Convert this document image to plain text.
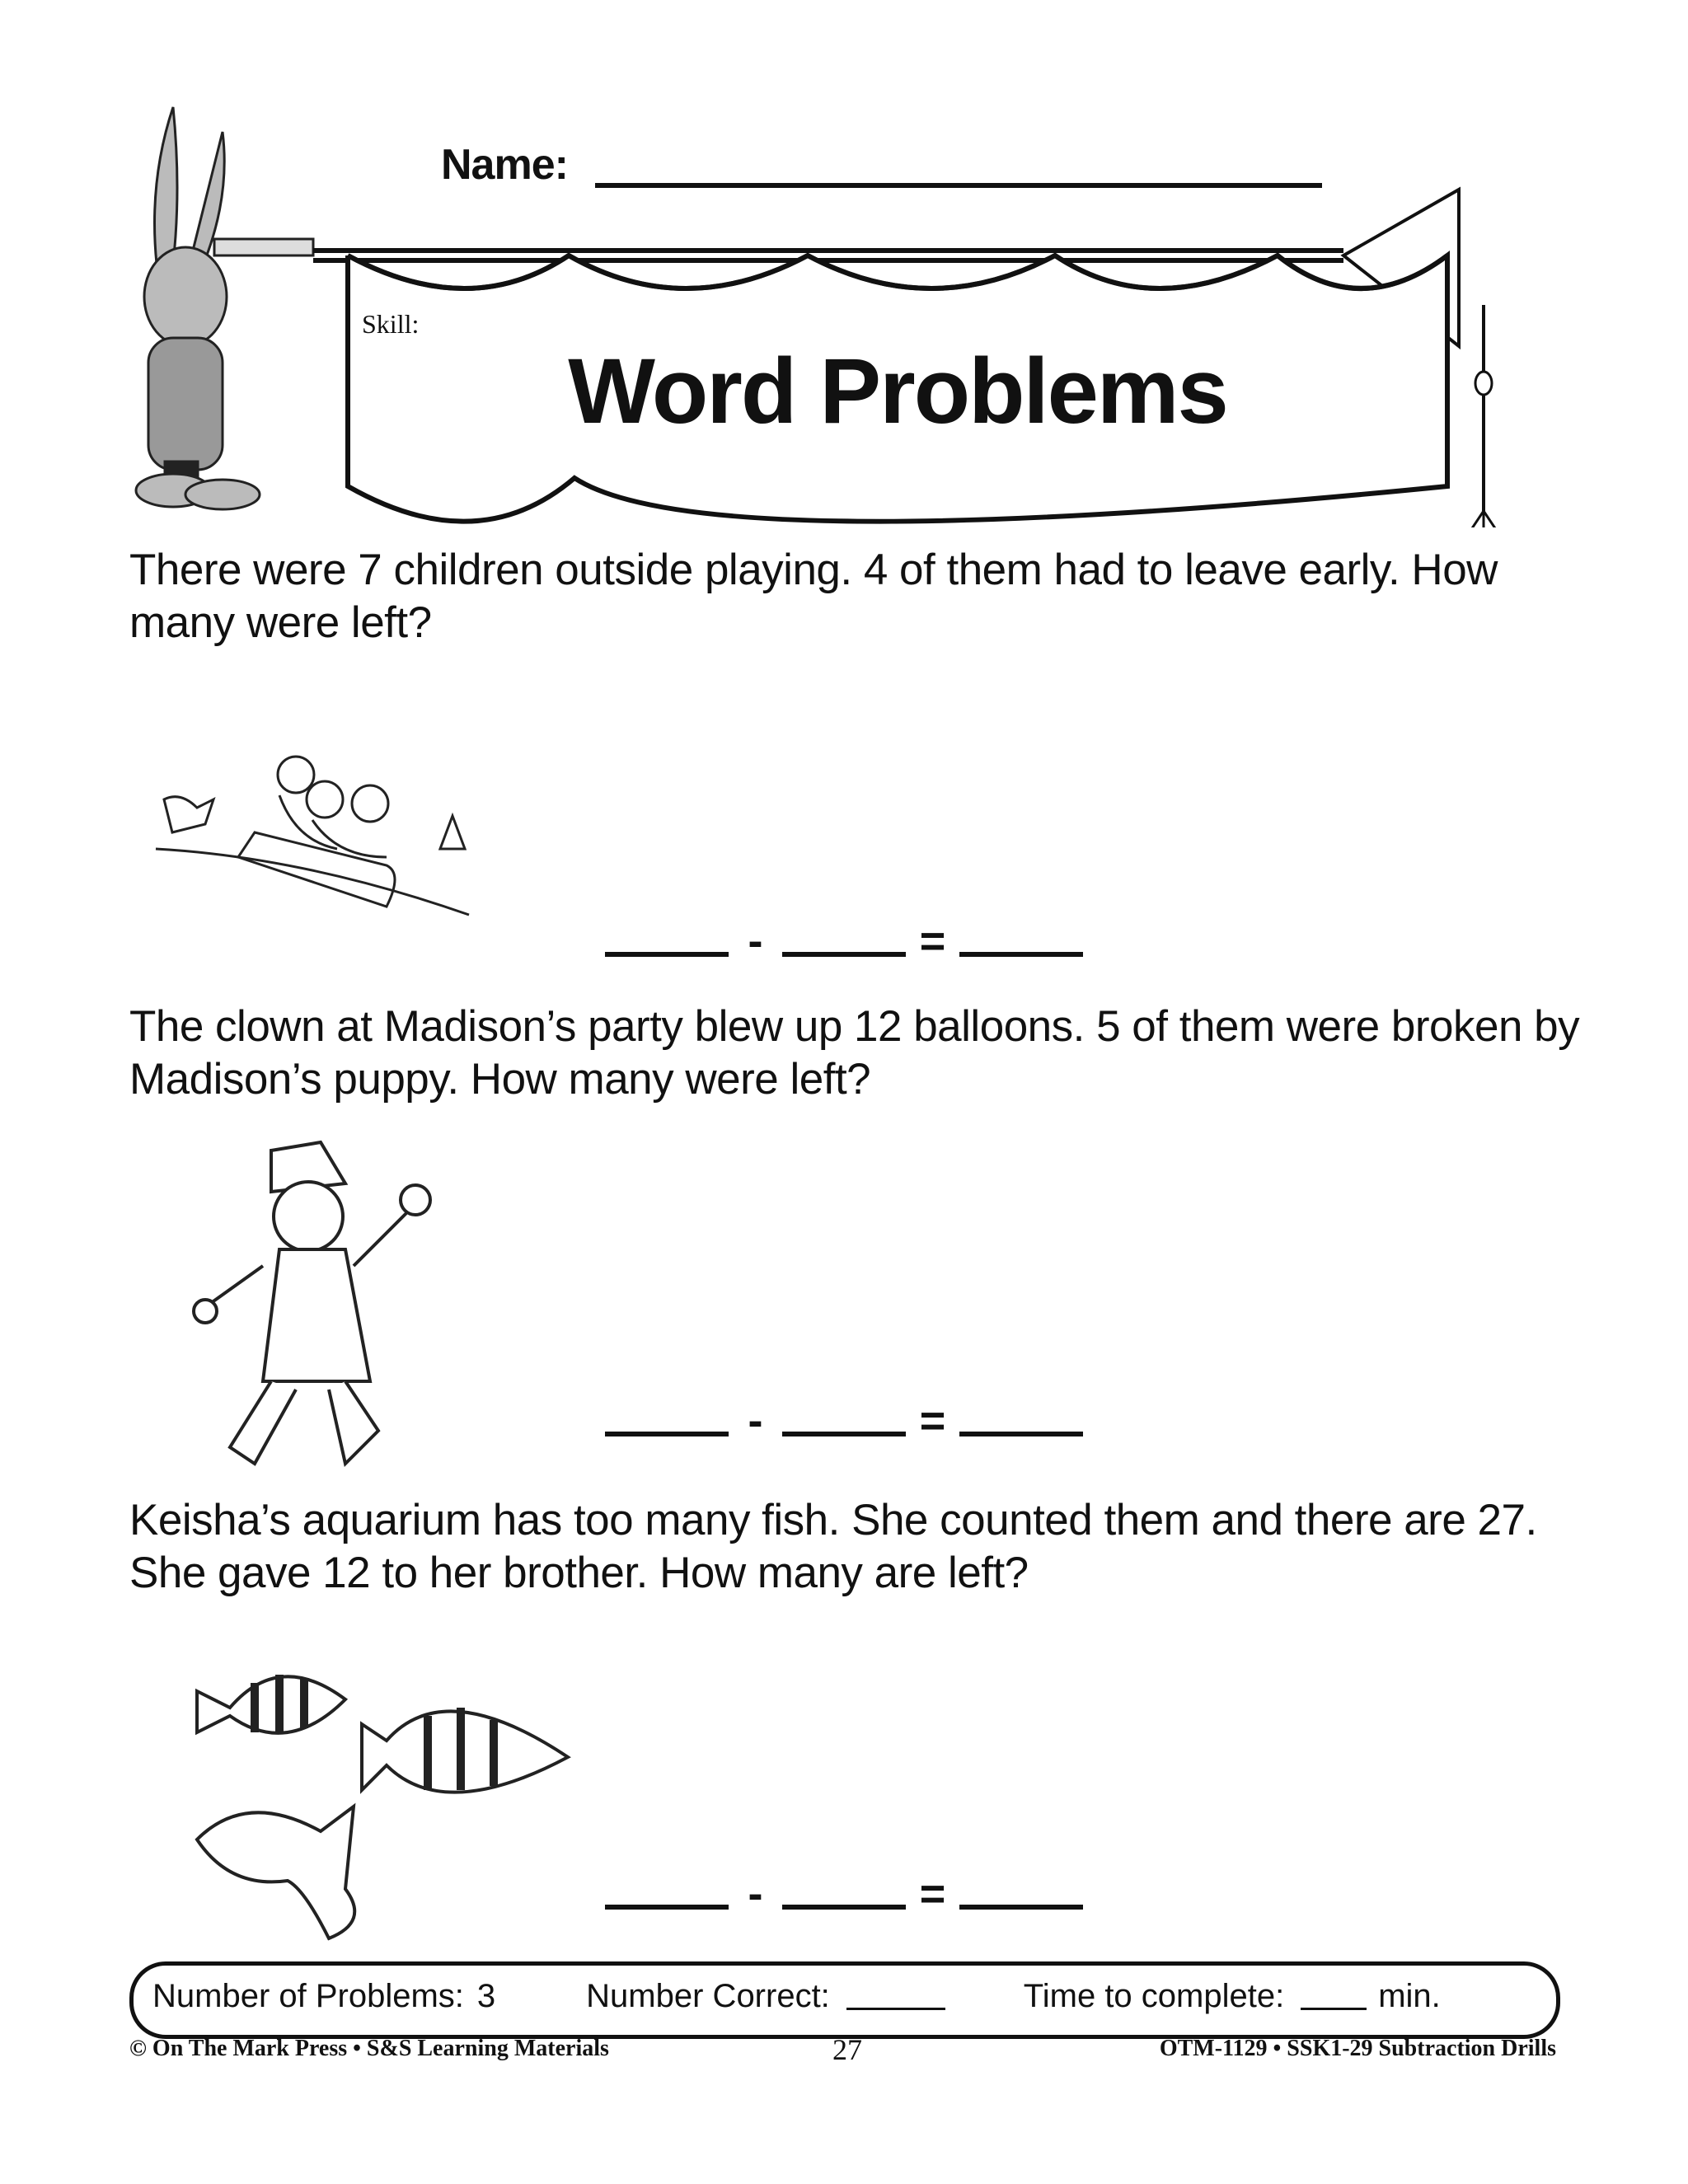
Name:
Skill:
Word Problems
There were 7 children outside playing. 4 of them had to leave early. How many were left?
-	=
The clown at Madison’s party blew up 12 balloons. 5 of them were broken by Madison’s puppy. How many were left?
-	=
Keisha’s aquarium has too many fish. She counted them and there are 27. She gave 12 to her brother. How many are left?
-	=
Number of Problems: 3	Number Correct:	Time to complete:	min.
© On The Mark Press • S&S Learning Materials	27	OTM-1129 • SSK1-29 Subtraction Drills
